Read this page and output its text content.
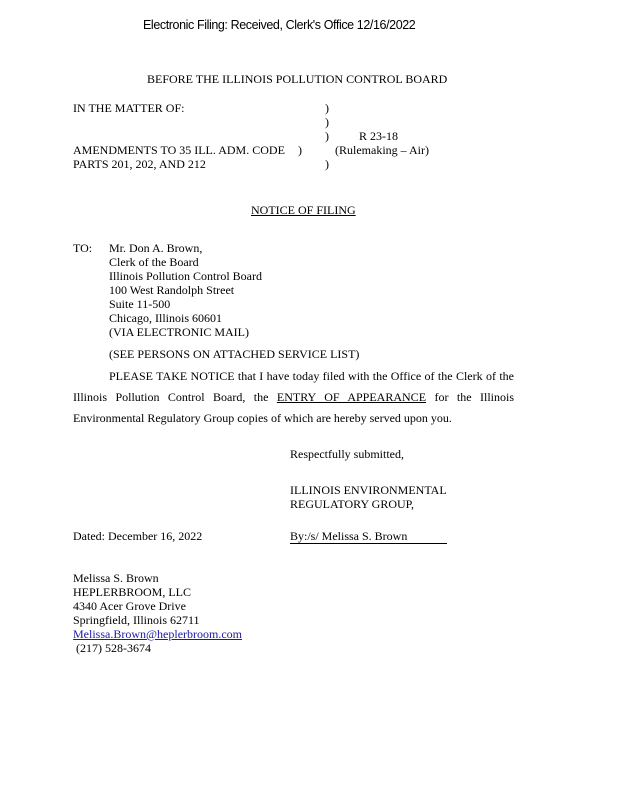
Electronic Filing: Received, Clerk's Office 12/16/2022
BEFORE THE ILLINOIS POLLUTION CONTROL BOARD
IN THE MATTER OF:	)
)
)	R 23-18
AMENDMENTS TO 35 ILL. ADM. CODE )	(Rulemaking – Air)
PARTS 201, 202, AND 212	)
NOTICE OF FILING
TO: Mr. Don A. Brown,
Clerk of the Board
Illinois Pollution Control Board
100 West Randolph Street
Suite 11-500
Chicago, Illinois 60601
(VIA ELECTRONIC MAIL)
(SEE PERSONS ON ATTACHED SERVICE LIST)
PLEASE TAKE NOTICE that I have today filed with the Office of the Clerk of the Illinois Pollution Control Board, the ENTRY OF APPEARANCE for the Illinois Environmental Regulatory Group copies of which are hereby served upon you.
Respectfully submitted,
ILLINOIS ENVIRONMENTAL
REGULATORY GROUP,
Dated: December 16, 2022	By:/s/ Melissa S. Brown
Melissa S. Brown
HEPLERBROOM, LLC
4340 Acer Grove Drive
Springfield, Illinois 62711
Melissa.Brown@heplerbroom.com
(217) 528-3674
